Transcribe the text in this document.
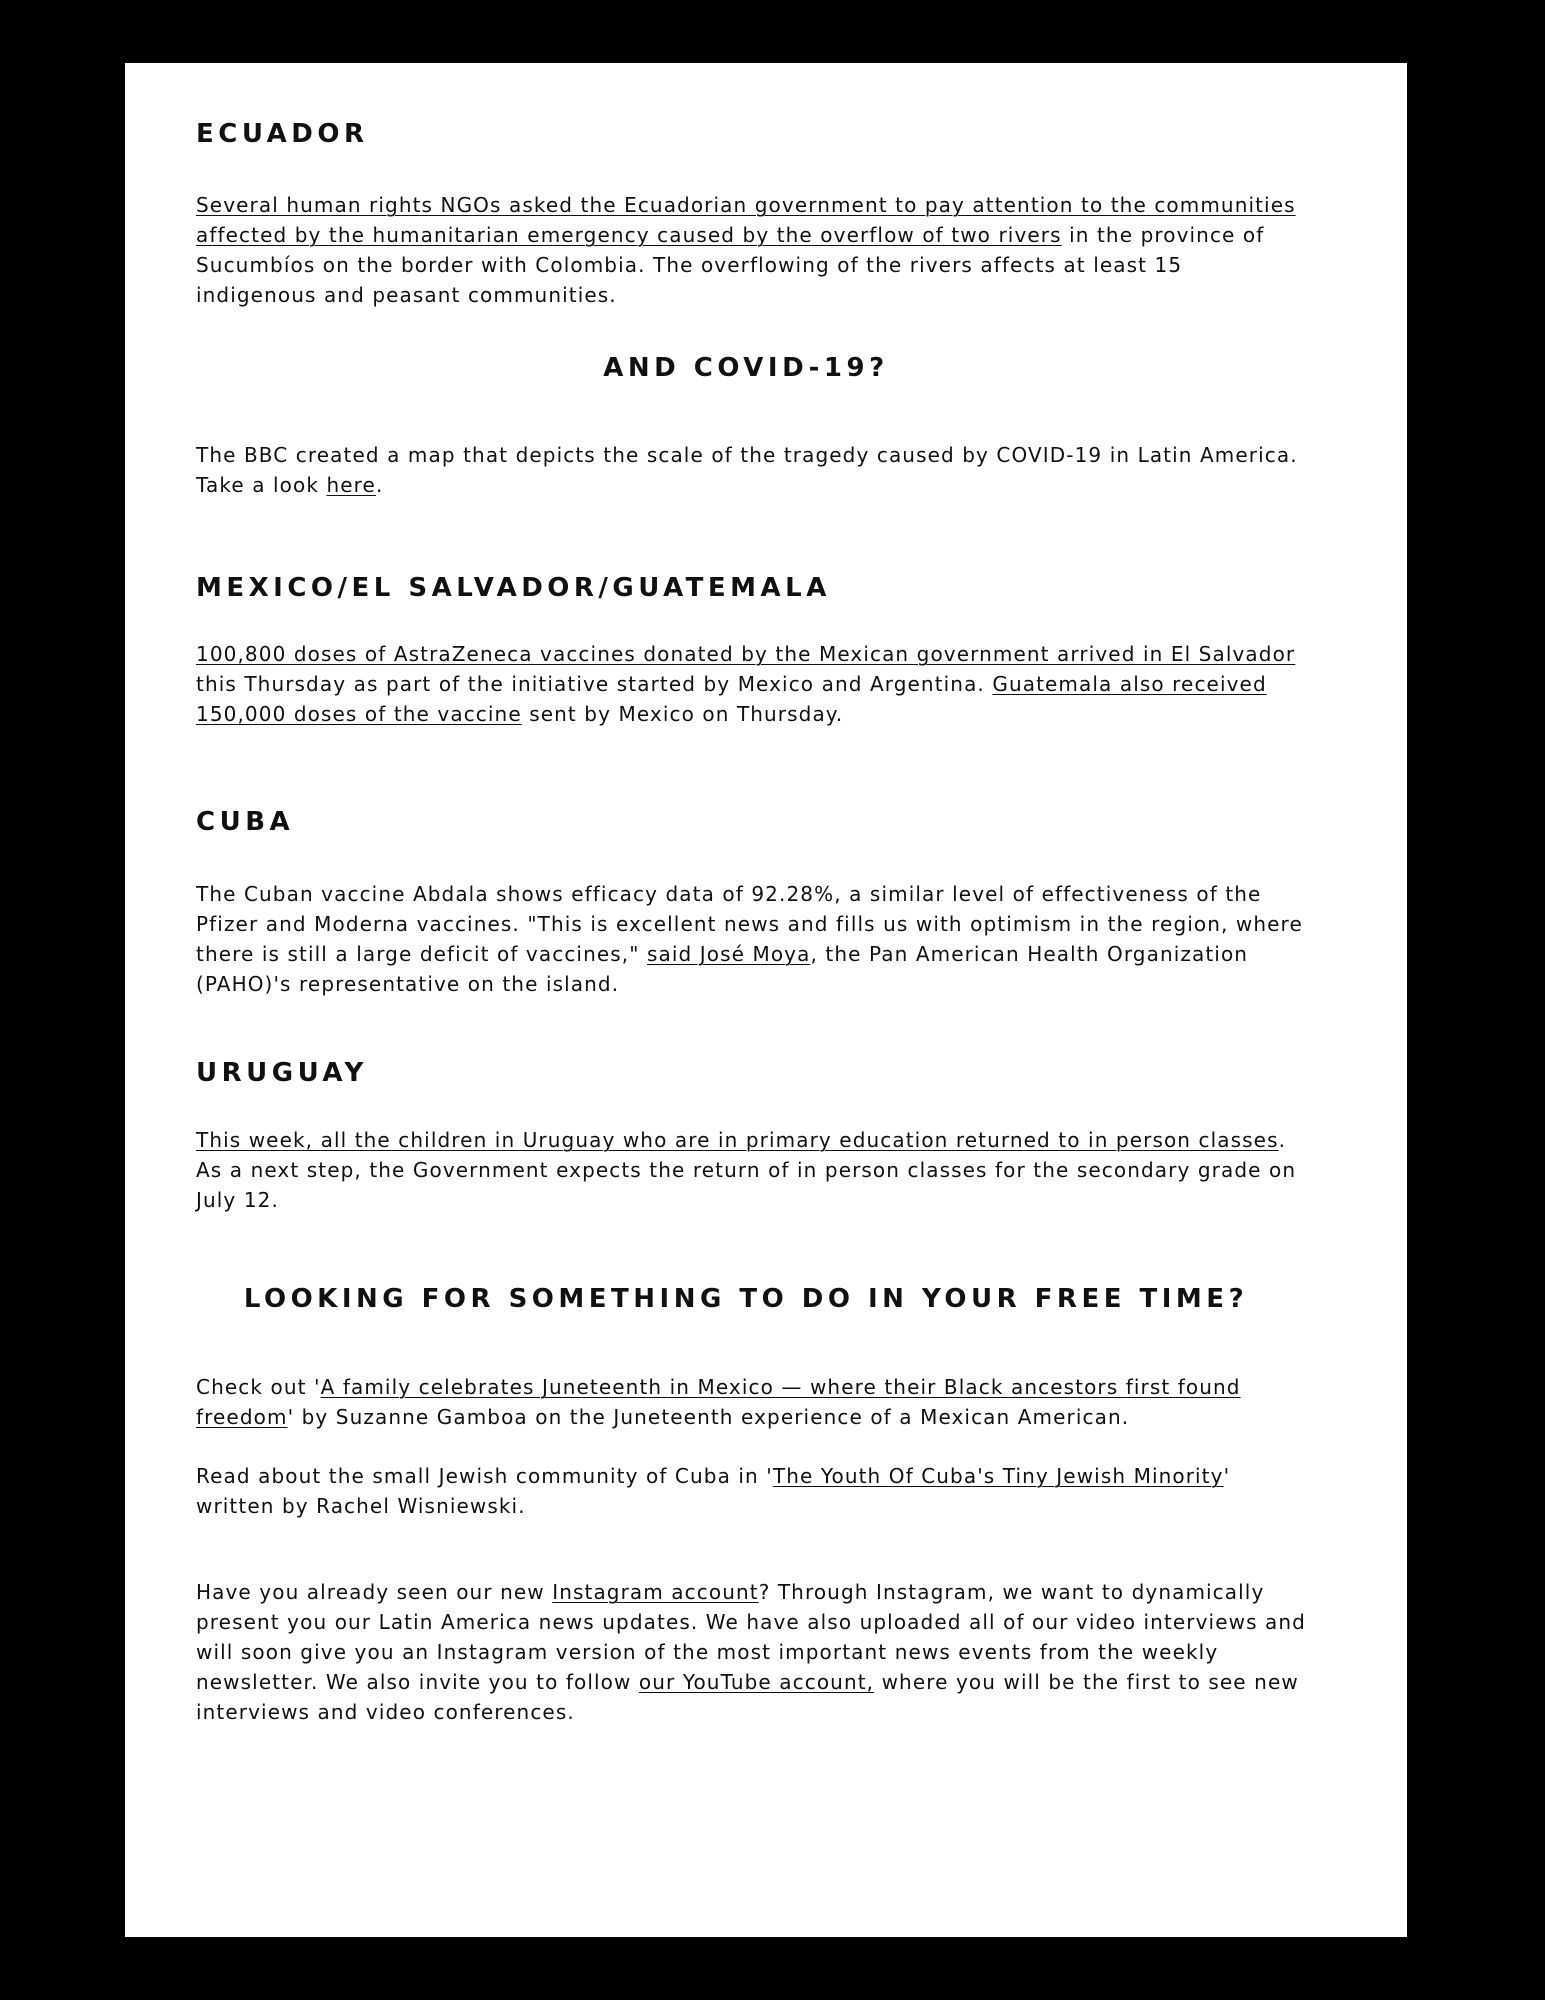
ECUADOR

Several human rights NGOs asked the Ecuadorian government to pay attention to the communities affected by the humanitarian emergency caused by the overflow of two rivers in the province of Sucumbíos on the border with Colombia. The overflowing of the rivers affects at least 15 indigenous and peasant communities.

AND COVID-19?

The BBC created a map that depicts the scale of the tragedy caused by COVID-19 in Latin America. Take a look here.

MEXICO/EL SALVADOR/GUATEMALA

100,800 doses of AstraZeneca vaccines donated by the Mexican government arrived in El Salvador this Thursday as part of the initiative started by Mexico and Argentina. Guatemala also received 150,000 doses of the vaccine sent by Mexico on Thursday.

CUBA

The Cuban vaccine Abdala shows efficacy data of 92.28%, a similar level of effectiveness of the Pfizer and Moderna vaccines. "This is excellent news and fills us with optimism in the region, where there is still a large deficit of vaccines," said José Moya, the Pan American Health Organization (PAHO)'s representative on the island.

URUGUAY

This week, all the children in Uruguay who are in primary education returned to in person classes. As a next step, the Government expects the return of in person classes for the secondary grade on July 12.

LOOKING FOR SOMETHING TO DO IN YOUR FREE TIME?

Check out 'A family celebrates Juneteenth in Mexico — where their Black ancestors first found freedom' by Suzanne Gamboa on the Juneteenth experience of a Mexican American.

Read about the small Jewish community of Cuba in 'The Youth Of Cuba's Tiny Jewish Minority' written by Rachel Wisniewski.

Have you already seen our new Instagram account? Through Instagram, we want to dynamically present you our Latin America news updates. We have also uploaded all of our video interviews and will soon give you an Instagram version of the most important news events from the weekly newsletter. We also invite you to follow our YouTube account, where you will be the first to see new interviews and video conferences.
